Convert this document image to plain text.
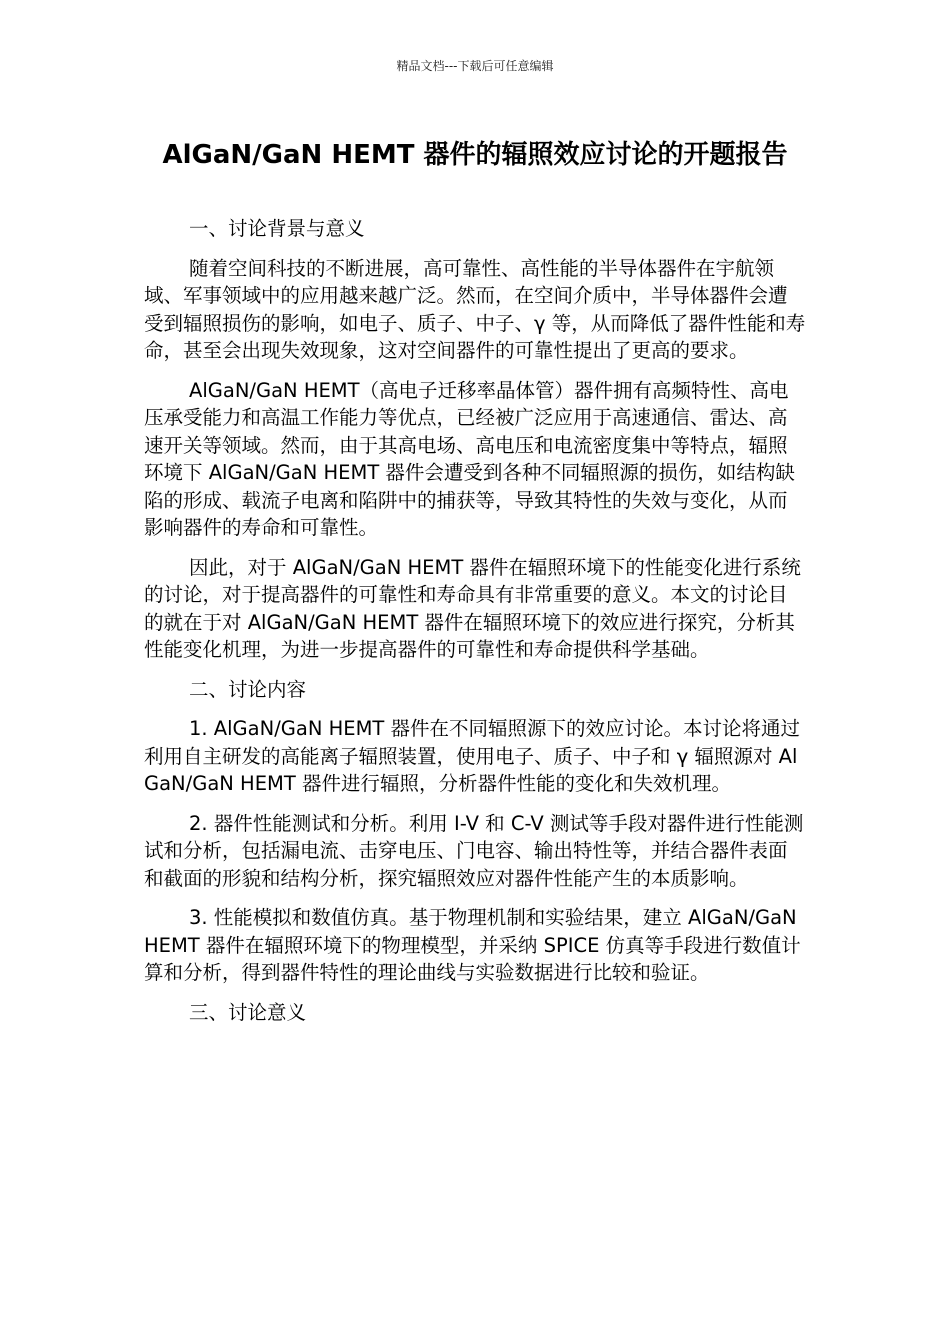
精品文档---下载后可任意编辑
AlGaN/GaN HEMT 器件的辐照效应讨论的开题报告

一、讨论背景与意义

随着空间科技的不断进展，高可靠性、高性能的半导体器件在宇航领域、军事领域中的应用越来越广泛。然而，在空间介质中，半导体器件会遭受到辐照损伤的影响，如电子、质子、中子、γ 等，从而降低了器件性能和寿命，甚至会出现失效现象，这对空间器件的可靠性提出了更高的要求。

AlGaN/GaN HEMT（高电子迁移率晶体管）器件拥有高频特性、高电压承受能力和高温工作能力等优点，已经被广泛应用于高速通信、雷达、高速开关等领域。然而，由于其高电场、高电压和电流密度集中等特点，辐照环境下 AlGaN/GaN HEMT 器件会遭受到各种不同辐照源的损伤，如结构缺陷的形成、载流子电离和陷阱中的捕获等，导致其特性的失效与变化，从而影响器件的寿命和可靠性。

因此，对于 AlGaN/GaN HEMT 器件在辐照环境下的性能变化进行系统的讨论，对于提高器件的可靠性和寿命具有非常重要的意义。本文的讨论目的就在于对 AlGaN/GaN HEMT 器件在辐照环境下的效应进行探究，分析其性能变化机理，为进一步提高器件的可靠性和寿命提供科学基础。

二、讨论内容

1. AlGaN/GaN HEMT 器件在不同辐照源下的效应讨论。本讨论将通过利用自主研发的高能离子辐照装置，使用电子、质子、中子和 γ 辐照源对 AlGaN/GaN HEMT 器件进行辐照，分析器件性能的变化和失效机理。

2. 器件性能测试和分析。利用 I-V 和 C-V 测试等手段对器件进行性能测试和分析，包括漏电流、击穿电压、门电容、输出特性等，并结合器件表面和截面的形貌和结构分析，探究辐照效应对器件性能产生的本质影响。

3. 性能模拟和数值仿真。基于物理机制和实验结果，建立 AlGaN/GaN HEMT 器件在辐照环境下的物理模型，并采纳 SPICE 仿真等手段进行数值计算和分析，得到器件特性的理论曲线与实验数据进行比较和验证。

三、讨论意义
